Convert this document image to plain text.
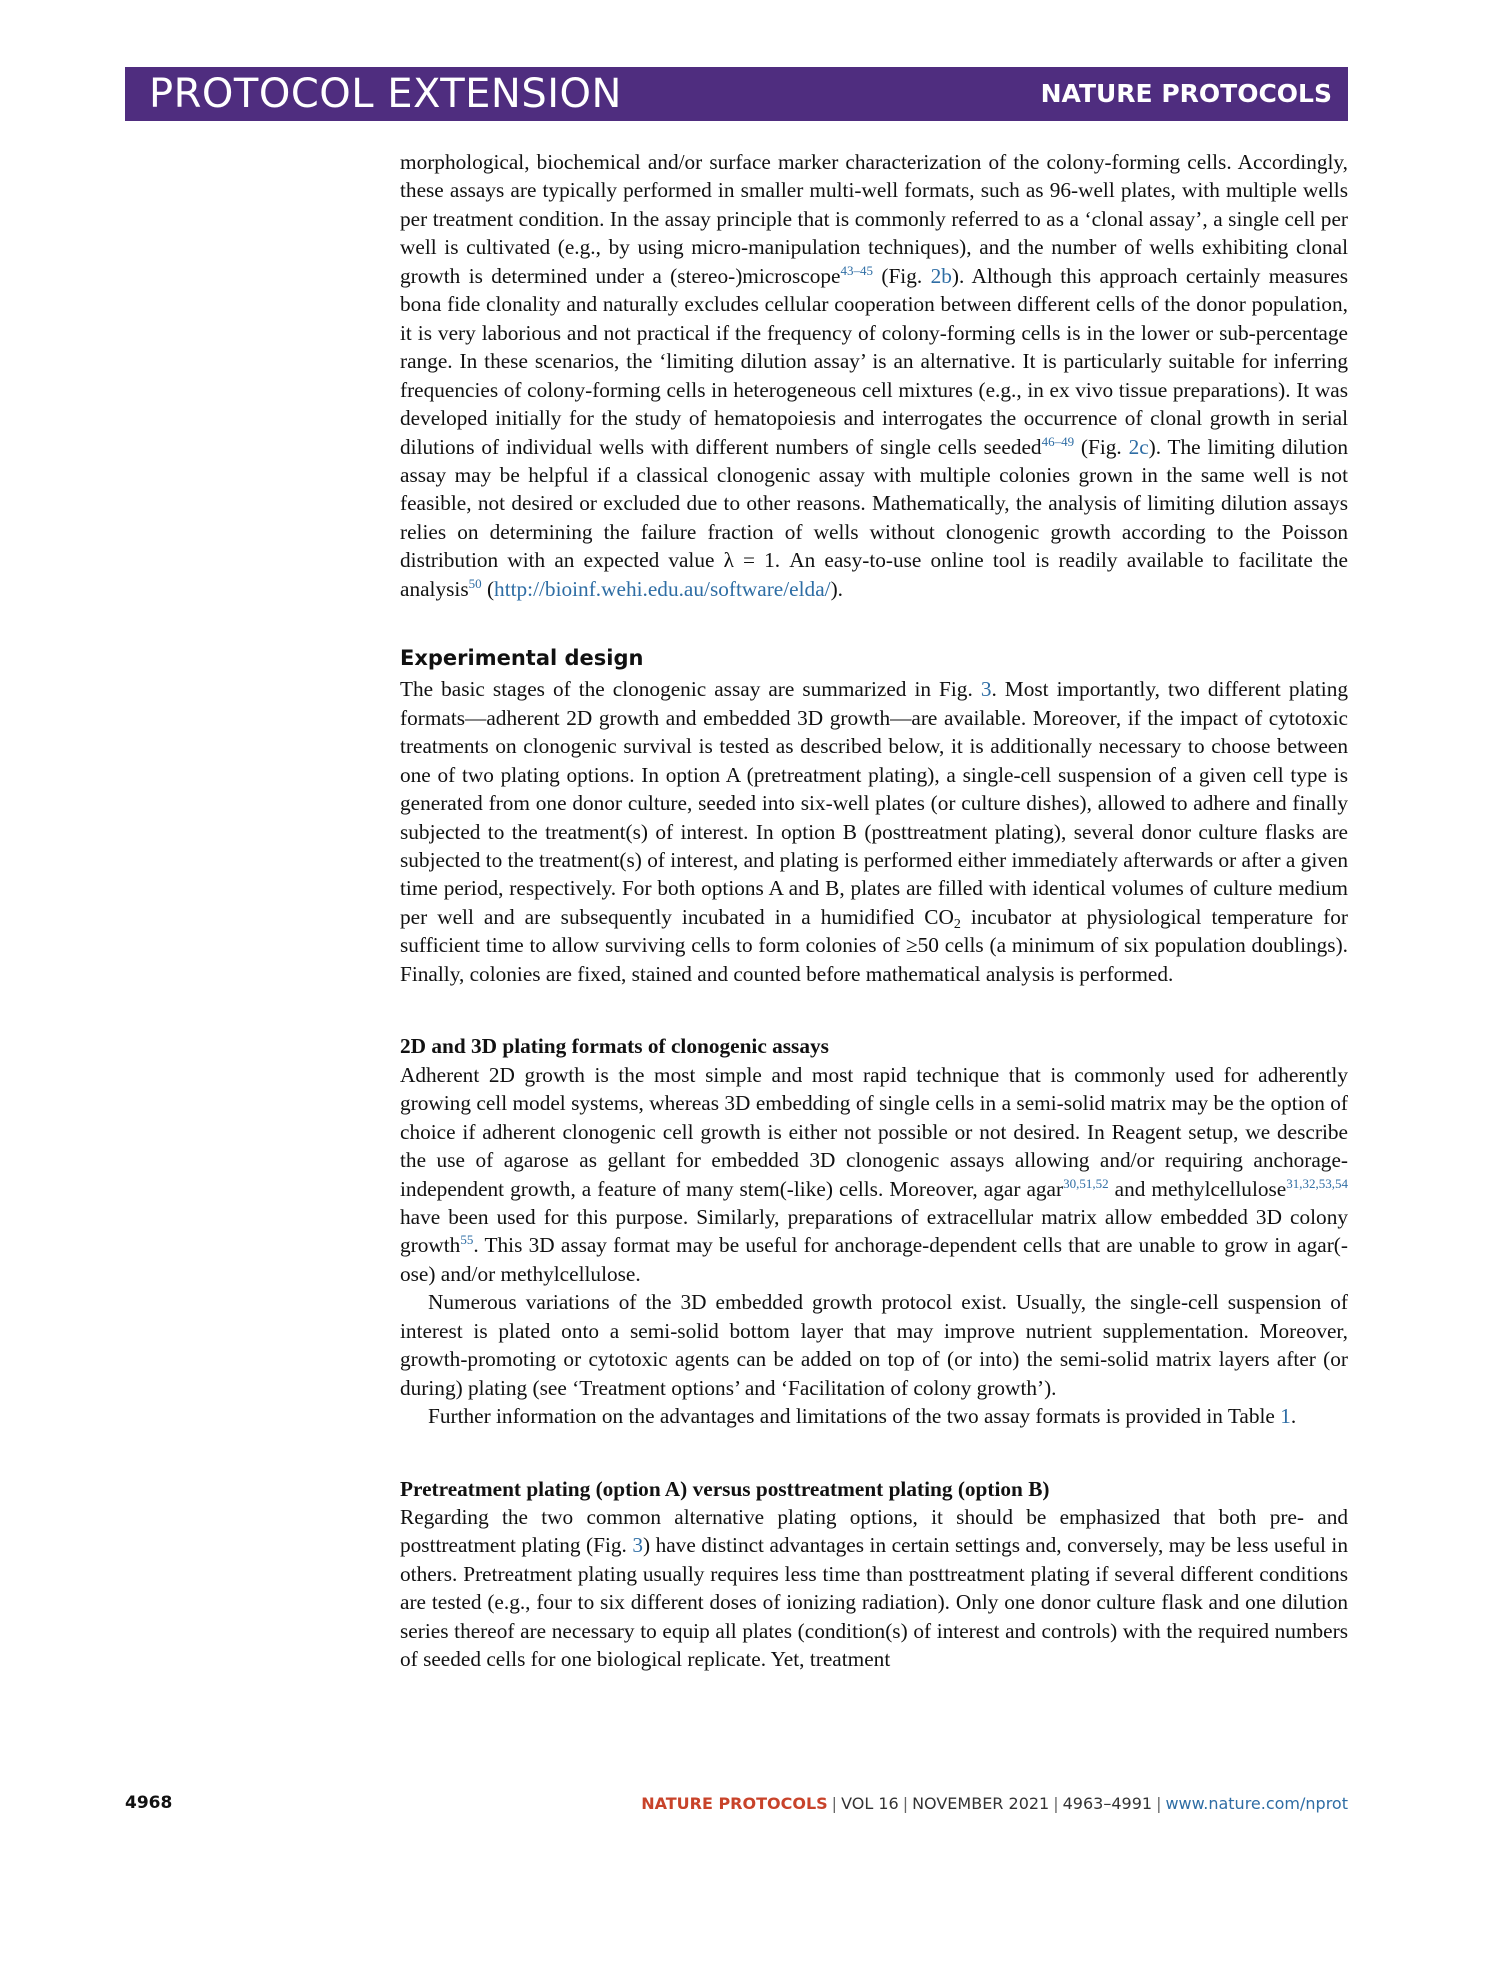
PROTOCOL EXTENSION	NATURE PROTOCOLS

morphological, biochemical and/or surface marker characterization of the colony-forming cells. Accordingly, these assays are typically performed in smaller multi-well formats, such as 96-well plates, with multiple wells per treatment condition. In the assay principle that is commonly referred to as a ‘clonal assay’, a single cell per well is cultivated (e.g., by using micro-manipulation techniques), and the number of wells exhibiting clonal growth is determined under a (stereo-)microscope$^{43-45}$ (Fig. 2b). Although this approach certainly measures bona fide clonality and naturally excludes cellular cooperation between different cells of the donor population, it is very laborious and not practical if the frequency of colony-forming cells is in the lower or sub-percentage range. In these scenarios, the ‘limiting dilution assay’ is an alternative. It is particularly suitable for inferring frequencies of colony-forming cells in heterogeneous cell mixtures (e.g., in ex vivo tissue preparations). It was developed initially for the study of hematopoiesis and interrogates the occurrence of clonal growth in serial dilutions of individual wells with different numbers of single cells seeded$^{46-49}$ (Fig. 2c). The limiting dilution assay may be helpful if a classical clonogenic assay with multiple colonies grown in the same well is not feasible, not desired or excluded due to other reasons. Mathematically, the analysis of limiting dilution assays relies on determining the failure fraction of wells without clonogenic growth according to the Poisson distribution with an expected value λ = 1. An easy-to-use online tool is readily available to facilitate the analysis$^{50}$ (http://bioinf.wehi.edu.au/software/elda/).

Experimental design

The basic stages of the clonogenic assay are summarized in Fig. 3. Most importantly, two different plating formats—adherent 2D growth and embedded 3D growth—are available. Moreover, if the impact of cytotoxic treatments on clonogenic survival is tested as described below, it is additionally necessary to choose between one of two plating options. In option A (pretreatment plating), a single-cell suspension of a given cell type is generated from one donor culture, seeded into six-well plates (or culture dishes), allowed to adhere and finally subjected to the treatment(s) of interest. In option B (posttreatment plating), several donor culture flasks are subjected to the treatment(s) of interest, and plating is performed either immediately afterwards or after a given time period, respectively. For both options A and B, plates are filled with identical volumes of culture medium per well and are subsequently incubated in a humidified $CO_2$ incubator at physiological temperature for sufficient time to allow surviving cells to form colonies of ≥50 cells (a minimum of six population doublings). Finally, colonies are fixed, stained and counted before mathematical analysis is performed.

2D and 3D plating formats of clonogenic assays

Adherent 2D growth is the most simple and most rapid technique that is commonly used for adherently growing cell model systems, whereas 3D embedding of single cells in a semi-solid matrix may be the option of choice if adherent clonogenic cell growth is either not possible or not desired. In Reagent setup, we describe the use of agarose as gellant for embedded 3D clonogenic assays allowing and/or requiring anchorage-independent growth, a feature of many stem(-like) cells. Moreover, agar agar$^{30,51,52}$ and methylcellulose$^{31,32,53,54}$ have been used for this purpose. Similarly, preparations of extracellular matrix allow embedded 3D colony growth$^{55}$. This 3D assay format may be useful for anchorage-dependent cells that are unable to grow in agar(-ose) and/or methylcellulose.

Numerous variations of the 3D embedded growth protocol exist. Usually, the single-cell suspension of interest is plated onto a semi-solid bottom layer that may improve nutrient supplementation. Moreover, growth-promoting or cytotoxic agents can be added on top of (or into) the semi-solid matrix layers after (or during) plating (see ‘Treatment options’ and ‘Facilitation of colony growth’).

Further information on the advantages and limitations of the two assay formats is provided in Table 1.

Pretreatment plating (option A) versus posttreatment plating (option B)

Regarding the two common alternative plating options, it should be emphasized that both pre- and posttreatment plating (Fig. 3) have distinct advantages in certain settings and, conversely, may be less useful in others. Pretreatment plating usually requires less time than posttreatment plating if several different conditions are tested (e.g., four to six different doses of ionizing radiation). Only one donor culture flask and one dilution series thereof are necessary to equip all plates (condition(s) of interest and controls) with the required numbers of seeded cells for one biological replicate. Yet, treatment

4968	NATURE PROTOCOLS | VOL 16 | NOVEMBER 2021 | 4963–4991 | www.nature.com/nprot
